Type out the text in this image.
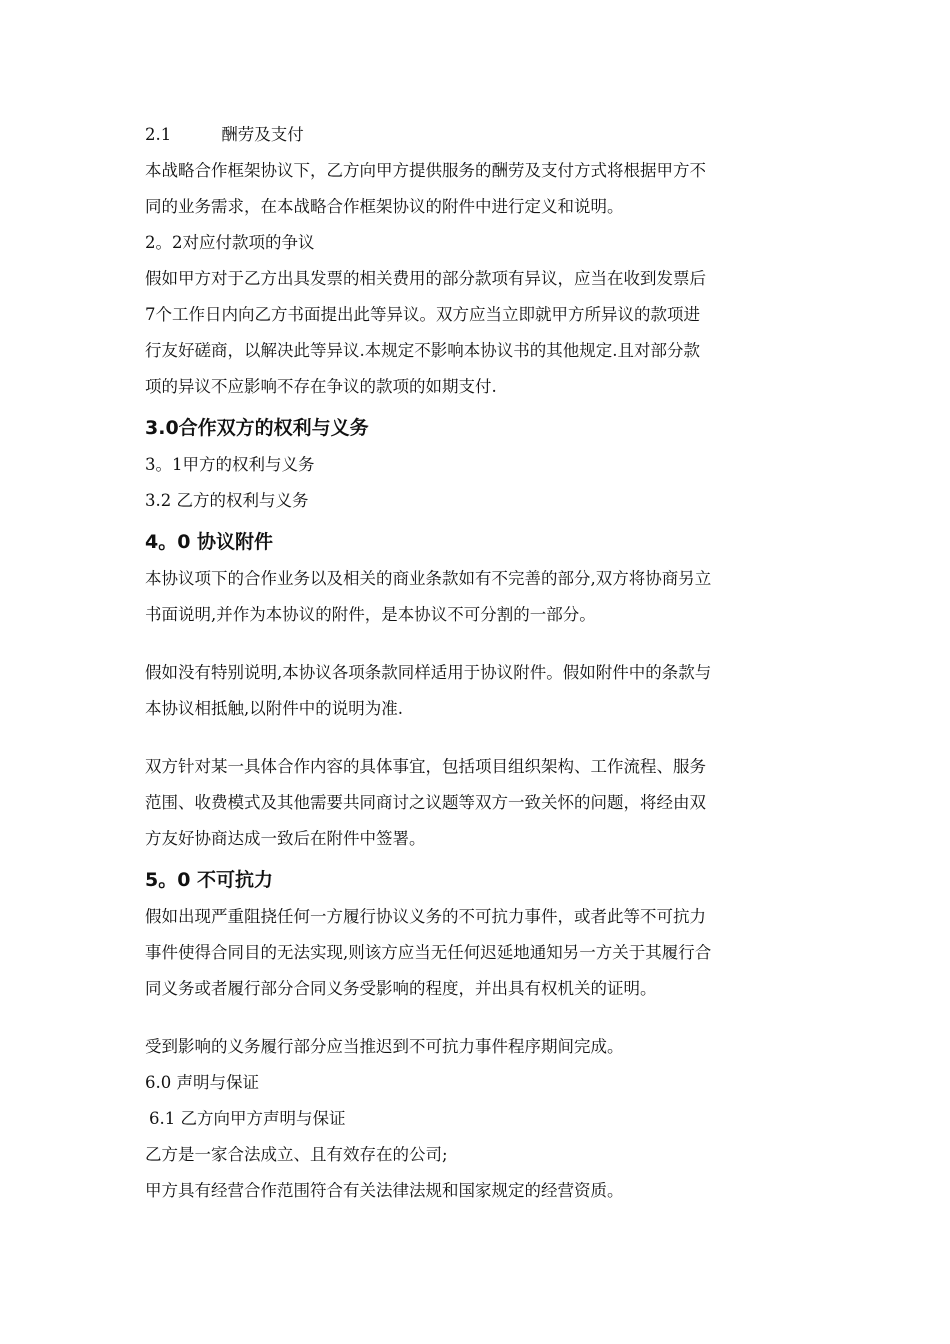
2.1	酬劳及支付

本战略合作框架协议下，乙方向甲方提供服务的酬劳及支付方式将根据甲方不

同的业务需求，在本战略合作框架协议的附件中进行定义和说明。

2。2对应付款项的争议

假如甲方对于乙方出具发票的相关费用的部分款项有异议，应当在收到发票后

7个工作日内向乙方书面提出此等异议。双方应当立即就甲方所异议的款项进

行友好磋商，以解决此等异议.本规定不影响本协议书的其他规定.且对部分款

项的异议不应影响不存在争议的款项的如期支付.

3.0合作双方的权利与义务

3。1甲方的权利与义务

3.2 乙方的权利与义务

4。0 协议附件

本协议项下的合作业务以及相关的商业条款如有不完善的部分,双方将协商另立

书面说明,并作为本协议的附件，是本协议不可分割的一部分。

假如没有特别说明,本协议各项条款同样适用于协议附件。假如附件中的条款与

本协议相抵触,以附件中的说明为准.

双方针对某一具体合作内容的具体事宜，包括项目组织架构、工作流程、服务

范围、收费模式及其他需要共同商讨之议题等双方一致关怀的问题，将经由双

方友好协商达成一致后在附件中签署。

5。0 不可抗力

假如出现严重阻挠任何一方履行协议义务的不可抗力事件，或者此等不可抗力

事件使得合同目的无法实现,则该方应当无任何迟延地通知另一方关于其履行合

同义务或者履行部分合同义务受影响的程度，并出具有权机关的证明。

受到影响的义务履行部分应当推迟到不可抗力事件程序期间完成。

6.0 声明与保证

6.1 乙方向甲方声明与保证

乙方是一家合法成立、且有效存在的公司;

甲方具有经营合作范围符合有关法律法规和国家规定的经营资质。
